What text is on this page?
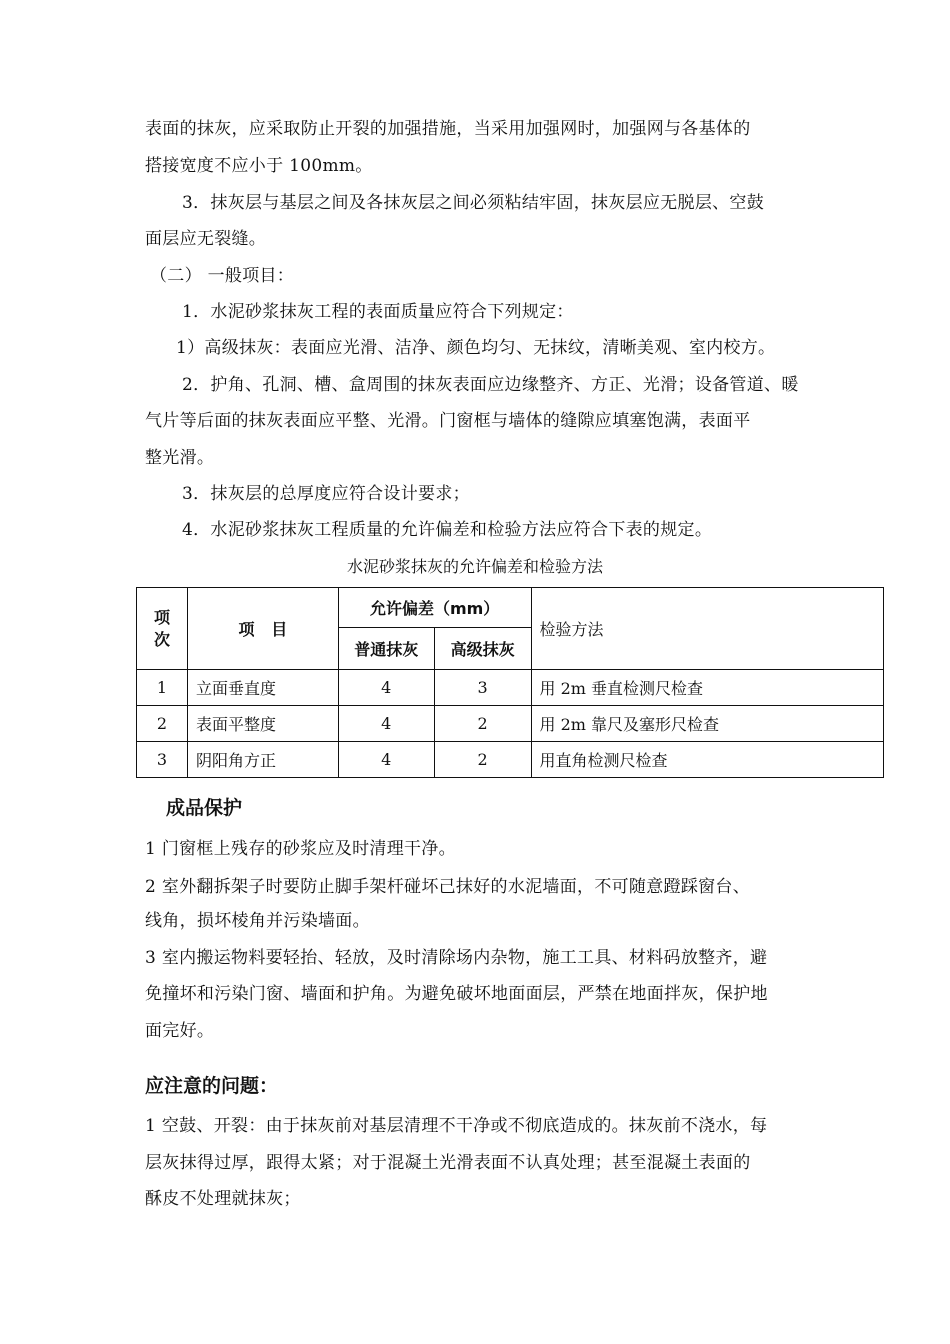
表面的抹灰，应采取防止开裂的加强措施，当采用加强网时，加强网与各基体的
搭接宽度不应小于 100mm。
3．抹灰层与基层之间及各抹灰层之间必须粘结牢固，抹灰层应无脱层、空鼓
面层应无裂缝。
（二） 一般项目：
1．水泥砂浆抹灰工程的表面质量应符合下列规定：
1）高级抹灰：表面应光滑、洁净、颜色均匀、无抹纹，清晰美观、室内校方。
2．护角、孔洞、槽、盒周围的抹灰表面应边缘整齐、方正、光滑；设备管道、暖
气片等后面的抹灰表面应平整、光滑。门窗框与墙体的缝隙应填塞饱满，表面平
整光滑。
3．抹灰层的总厚度应符合设计要求；
4．水泥砂浆抹灰工程质量的允许偏差和检验方法应符合下表的规定。
水泥砂浆抹灰的允许偏差和检验方法
项次	项   目	允许偏差（mm）		检验方法
		普通抹灰	高级抹灰	
1	立面垂直度	4	3	用 2m 垂直检测尺检查
2	表面平整度	4	2	用 2m 靠尺及塞形尺检查
3	阴阳角方正	4	2	用直角检测尺检查
成品保护
1 门窗框上残存的砂浆应及时清理干净。
2 室外翻拆架子时要防止脚手架杆碰坏己抹好的水泥墙面，不可随意蹬踩窗台、
线角，损坏棱角并污染墙面。
3 室内搬运物料要轻抬、轻放，及时清除场内杂物，施工工具、材料码放整齐，避
免撞坏和污染门窗、墙面和护角。为避免破坏地面面层，严禁在地面拌灰，保护地
面完好。
应注意的问题：
1 空鼓、开裂：由于抹灰前对基层清理不干净或不彻底造成的。抹灰前不浇水，每
层灰抹得过厚，跟得太紧；对于混凝土光滑表面不认真处理；甚至混凝土表面的
酥皮不处理就抹灰；
